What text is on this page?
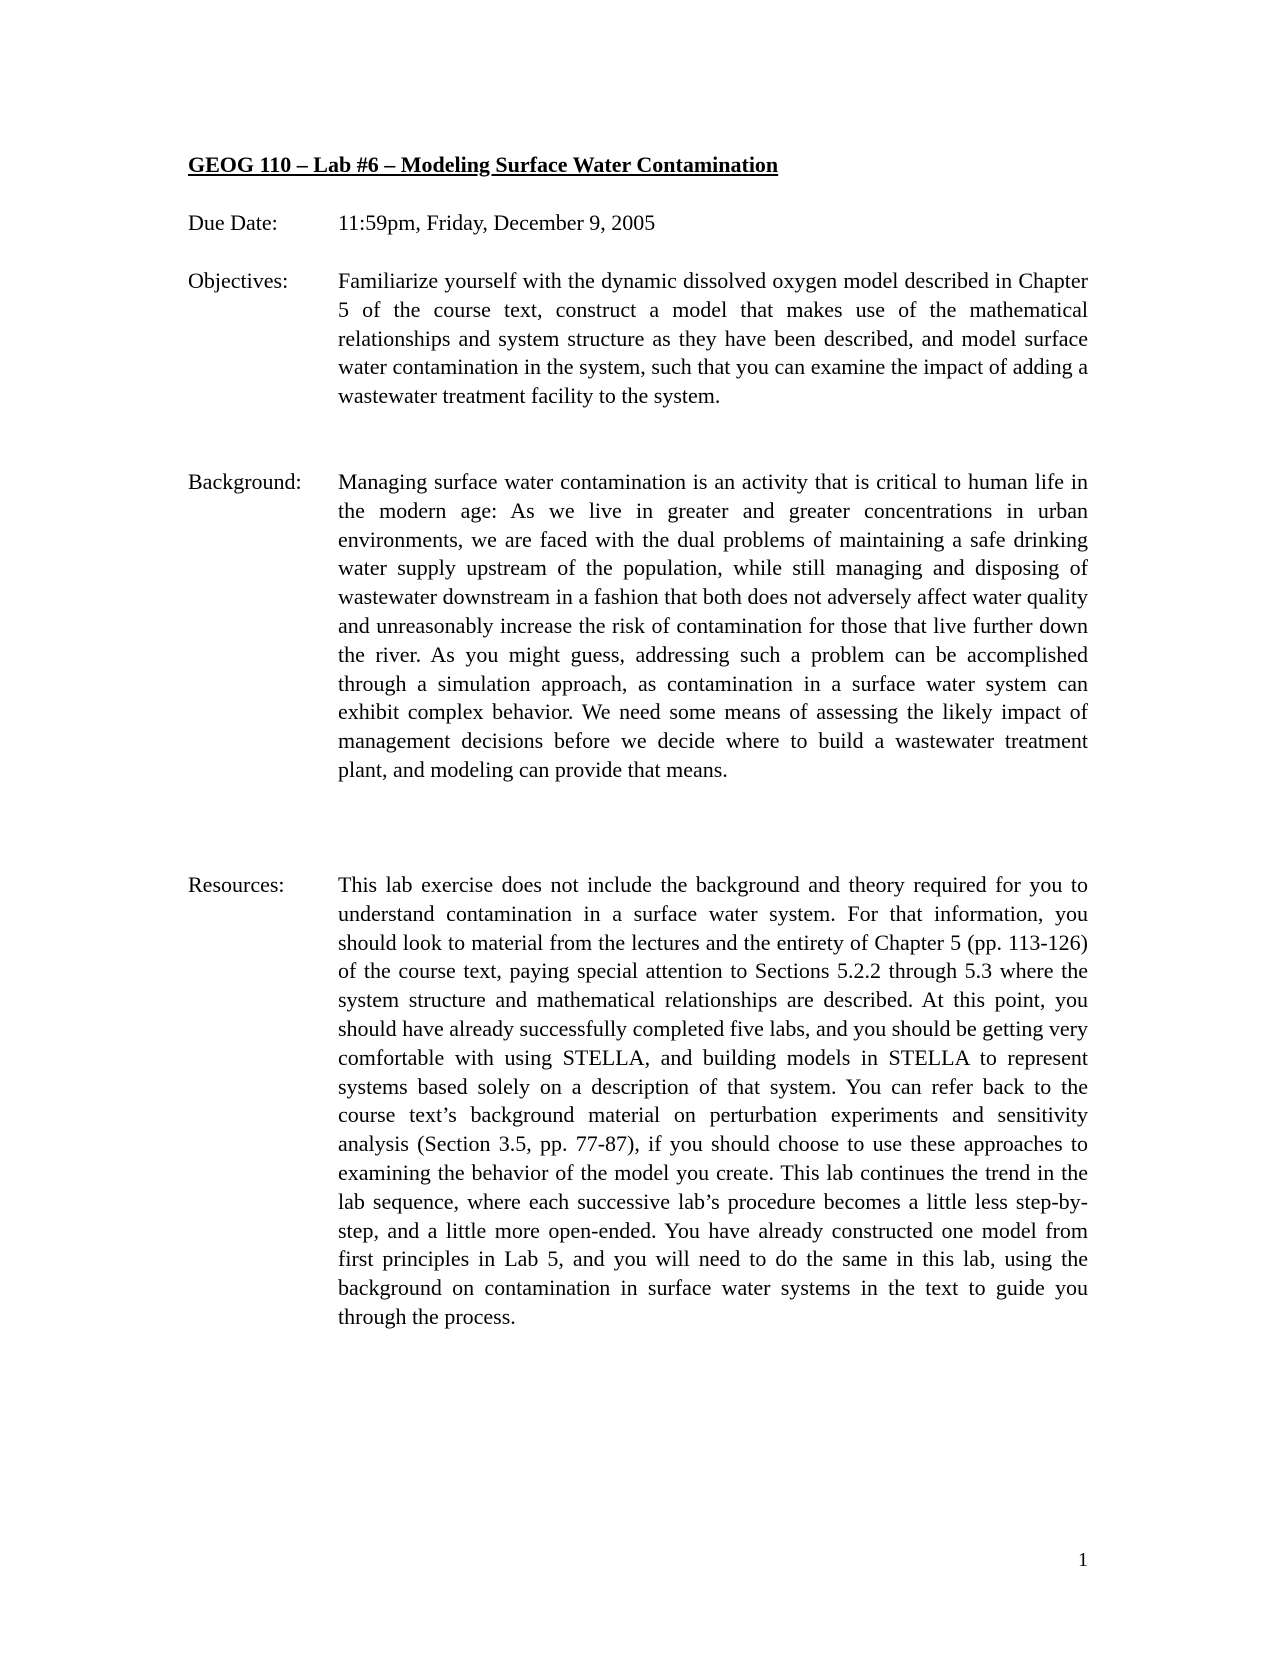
GEOG 110 – Lab #6 – Modeling Surface Water Contamination
Due Date:	11:59pm, Friday, December 9, 2005
Objectives: Familiarize yourself with the dynamic dissolved oxygen model described in Chapter 5 of the course text, construct a model that makes use of the mathematical relationships and system structure as they have been described, and model surface water contamination in the system, such that you can examine the impact of adding a wastewater treatment facility to the system.
Background: Managing surface water contamination is an activity that is critical to human life in the modern age: As we live in greater and greater concentrations in urban environments, we are faced with the dual problems of maintaining a safe drinking water supply upstream of the population, while still managing and disposing of wastewater downstream in a fashion that both does not adversely affect water quality and unreasonably increase the risk of contamination for those that live further down the river. As you might guess, addressing such a problem can be accomplished through a simulation approach, as contamination in a surface water system can exhibit complex behavior. We need some means of assessing the likely impact of management decisions before we decide where to build a wastewater treatment plant, and modeling can provide that means.
Resources: This lab exercise does not include the background and theory required for you to understand contamination in a surface water system. For that information, you should look to material from the lectures and the entirety of Chapter 5 (pp. 113-126) of the course text, paying special attention to Sections 5.2.2 through 5.3 where the system structure and mathematical relationships are described. At this point, you should have already successfully completed five labs, and you should be getting very comfortable with using STELLA, and building models in STELLA to represent systems based solely on a description of that system. You can refer back to the course text’s background material on perturbation experiments and sensitivity analysis (Section 3.5, pp. 77-87), if you should choose to use these approaches to examining the behavior of the model you create. This lab continues the trend in the lab sequence, where each successive lab’s procedure becomes a little less step-by-step, and a little more open-ended. You have already constructed one model from first principles in Lab 5, and you will need to do the same in this lab, using the background on contamination in surface water systems in the text to guide you through the process.
1
